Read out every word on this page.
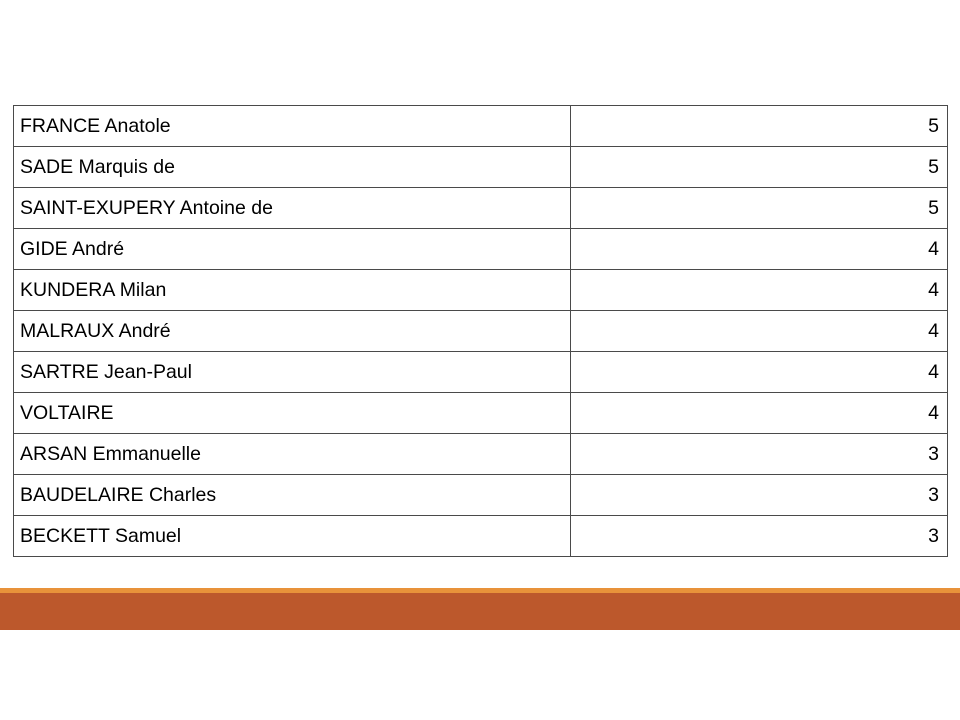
FRANCE Anatole	5
SADE Marquis de	5
SAINT-EXUPERY Antoine de	5
GIDE André	4
KUNDERA Milan	4
MALRAUX André	4
SARTRE Jean-Paul	4
VOLTAIRE	4
ARSAN Emmanuelle	3
BAUDELAIRE Charles	3
BECKETT Samuel	3
